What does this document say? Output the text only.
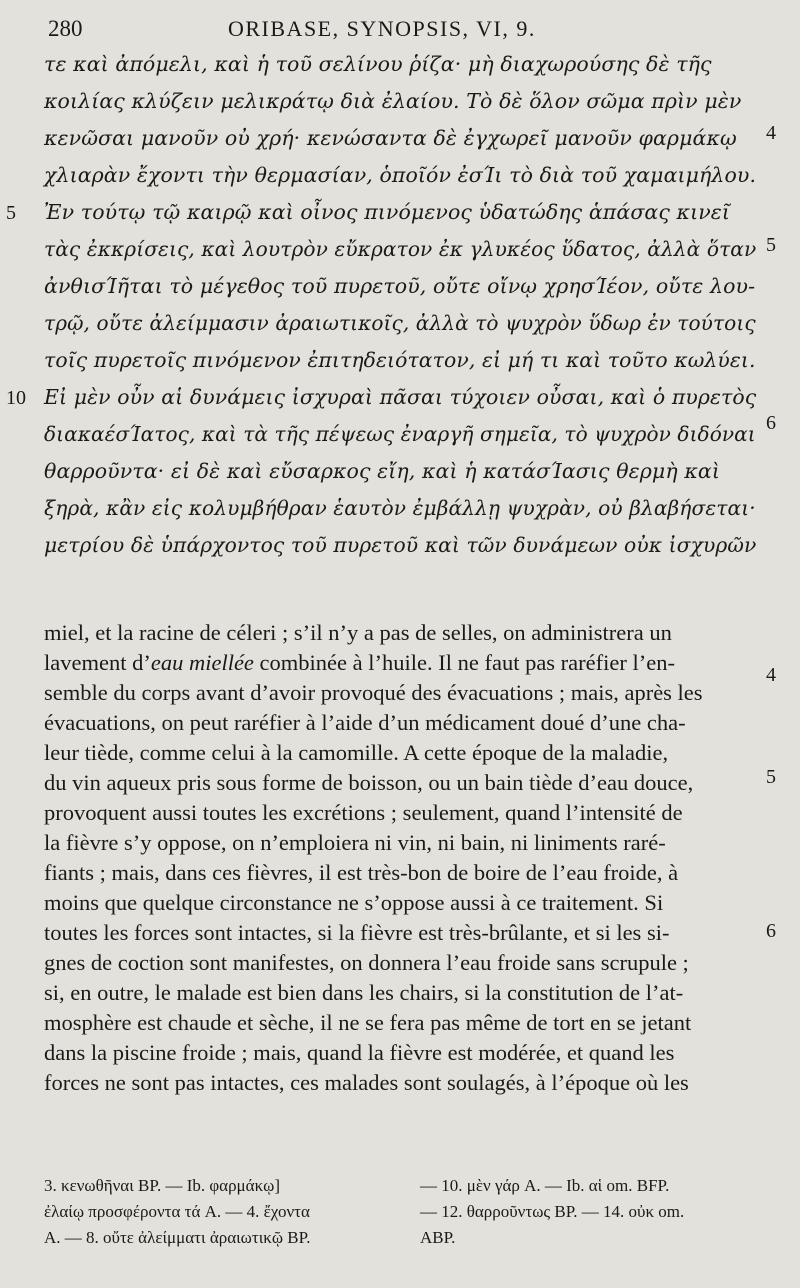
280	ORIBASE, SYNOPSIS, VI, 9.
τε καὶ ἀπόμελι, καὶ ἡ τοῦ σελίνου ῥίζα· μὴ διαχωρούσης δὲ τῆς
κοιλίας κλύζειν μελικράτῳ διὰ ἐλαίου. Τὸ δὲ ὅλον σῶμα πρὶν μὲν
κενῶσαι μανοῦν οὐ χρή· κενώσαντα δὲ ἐγχωρεῖ μανοῦν φαρμάκῳ
χλιαρὰν ἔχοντι τὴν θερμασίαν, ὁποῖόν ἐσΊι τὸ διὰ τοῦ χαμαιμήλου.
Ἐν τούτῳ τῷ καιρῷ καὶ οἶνος πινόμενος ὑδατώδης ἁπάσας κινεῖ
τὰς ἐκκρίσεις, καὶ λουτρὸν εὔκρατον ἐκ γλυκέος ὕδατος, ἀλλὰ ὅταν
ἀνθισΊῆται τὸ μέγεθος τοῦ πυρετοῦ, οὔτε οἴνῳ χρησΊέον, οὔτε λου-
τρῷ, οὔτε ἀλείμμασιν ἀραιωτικοῖς, ἀλλὰ τὸ ψυχρὸν ὕδωρ ἐν τούτοις
τοῖς πυρετοῖς πινόμενον ἐπιτηδειότατον, εἰ μή τι καὶ τοῦτο κωλύει.
Εἰ μὲν οὖν αἱ δυνάμεις ἰσχυραὶ πᾶσαι τύχοιεν οὖσαι, καὶ ὁ πυρετὸς
διακαέσΊατος, καὶ τὰ τῆς πέψεως ἐναργῆ σημεῖα, τὸ ψυχρὸν διδόναι
θαρροῦντα· εἰ δὲ καὶ εὔσαρκος εἴη, καὶ ἡ κατάσΊασις θερμὴ καὶ
ξηρὰ, κἂν εἰς κολυμβήθραν ἑαυτὸν ἐμβάλλῃ ψυχρὰν, οὐ βλαβήσεται·
μετρίου δὲ ὑπάρχοντος τοῦ πυρετοῦ καὶ τῶν δυνάμεων οὐκ ἰσχυρῶν
5
10
4
5
6
miel, et la racine de céleri ; s’il n’y a pas de selles, on administrera un
lavement d’eau miellée combinée à l’huile. Il ne faut pas raréfier l’en-
semble du corps avant d’avoir provoqué des évacuations ; mais, après les
évacuations, on peut raréfier à l’aide d’un médicament doué d’une cha-
leur tiède, comme celui à la camomille. A cette époque de la maladie,
du vin aqueux pris sous forme de boisson, ou un bain tiède d’eau douce,
provoquent aussi toutes les excrétions ; seulement, quand l’intensité de
la fièvre s’y oppose, on n’emploiera ni vin, ni bain, ni liniments raré-
fiants ; mais, dans ces fièvres, il est très-bon de boire de l’eau froide, à
moins que quelque circonstance ne s’oppose aussi à ce traitement. Si
toutes les forces sont intactes, si la fièvre est très-brûlante, et si les si-
gnes de coction sont manifestes, on donnera l’eau froide sans scrupule ;
si, en outre, le malade est bien dans les chairs, si la constitution de l’at-
mosphère est chaude et sèche, il ne se fera pas même de tort en se jetant
dans la piscine froide ; mais, quand la fièvre est modérée, et quand les
forces ne sont pas intactes, ces malades sont soulagés, à l’époque où les
4
5
6
3. κενωθῆναι BP. — Ib. φαρμάκῳ]
ἐλαίῳ προσφέροντα τά A. — 4. ἔχοντα
A. — 8. οὔτε ἀλείμματι ἀραιωτικῷ BP.
— 10. μὲν γάρ A. — Ib. αἱ om. BFP.
— 12. θαρροῦντως BP. — 14. οὐκ om.
ABP.
